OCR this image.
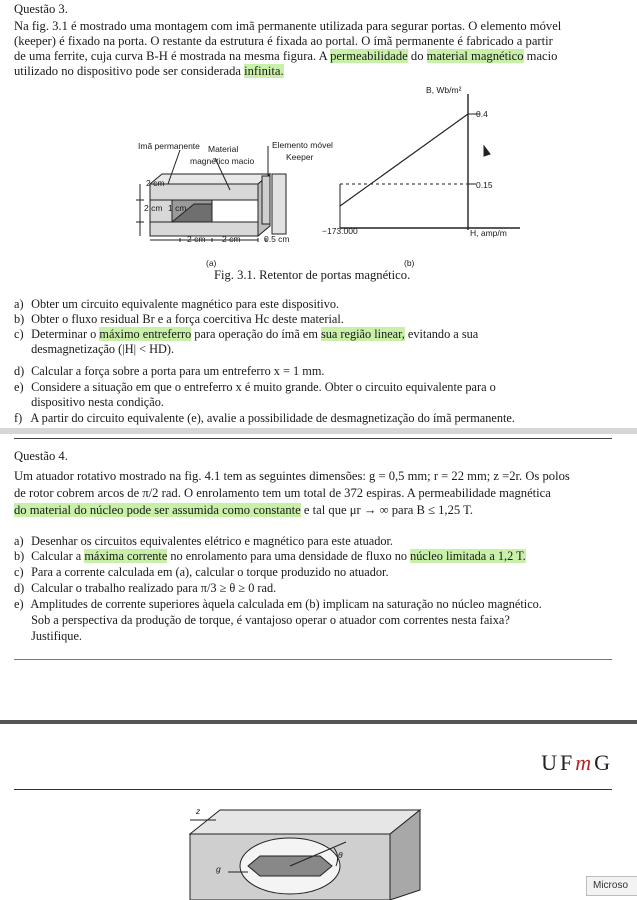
Questão 3.
Na fig. 3.1 é mostrado uma montagem com imã permanente utilizada para segurar portas. O elemento móvel
(keeper) é fixado na porta. O restante da estrutura é fixada ao portal. O ímã permanente é fabricado a partir
de uma ferrite, cuja curva B-H é mostrada na mesma figura. A permeabilidade do material magnético macio
utilizado no dispositivo pode ser considerada infinita.
Imã permanente Material
magnético macio
Elemento móvel
Keeper
2 cm
2 cm 1 cm
2 cm 2 cm	0.5 cm
(a)	(b)
B, Wb/m²
0.4
0.15
−173.000	H, amp/m
Fig. 3.1. Retentor de portas magnético.
a) Obter um circuito equivalente magnético para este dispositivo.
b) Obter o fluxo residual Br e a força coercitiva Hc deste material.
c) Determinar o máximo entreferro para operação do ímã em sua região linear, evitando a sua
desmagnetização (|H| < HD).
d) Calcular a força sobre a porta para um entreferro x = 1 mm.
e) Considere a situação em que o entreferro x é muito grande. Obter o circuito equivalente para o
dispositivo nesta condição.
f) A partir do circuito equivalente (e), avalie a possibilidade de desmagnetização do ímã permanente.
Questão 4.
Um atuador rotativo mostrado na fig. 4.1 tem as seguintes dimensões: g = 0,5 mm; r = 22 mm; z =2r. Os polos
de rotor cobrem arcos de π/2 rad. O enrolamento tem um total de 372 espiras. A permeabilidade magnética
do material do núcleo pode ser assumida como constante e tal que μr → ∞ para B ≤ 1,25 T.
a) Desenhar os circuitos equivalentes elétrico e magnético para este atuador.
b) Calcular a máxima corrente no enrolamento para uma densidade de fluxo no núcleo limitada a 1,2 T.
c) Para a corrente calculada em (a), calcular o torque produzido no atuador.
d) Calcular o trabalho realizado para π/3 ≥ θ ≥ 0 rad.
e) Amplitudes de corrente superiores àquela calculada em (b) implicam na saturação no núcleo magnético.
Sob a perspectiva da produção de torque, é vantajoso operar o atuador com correntes nesta faixa?
Justifique.
UFmG
z
g
θ
Microso
